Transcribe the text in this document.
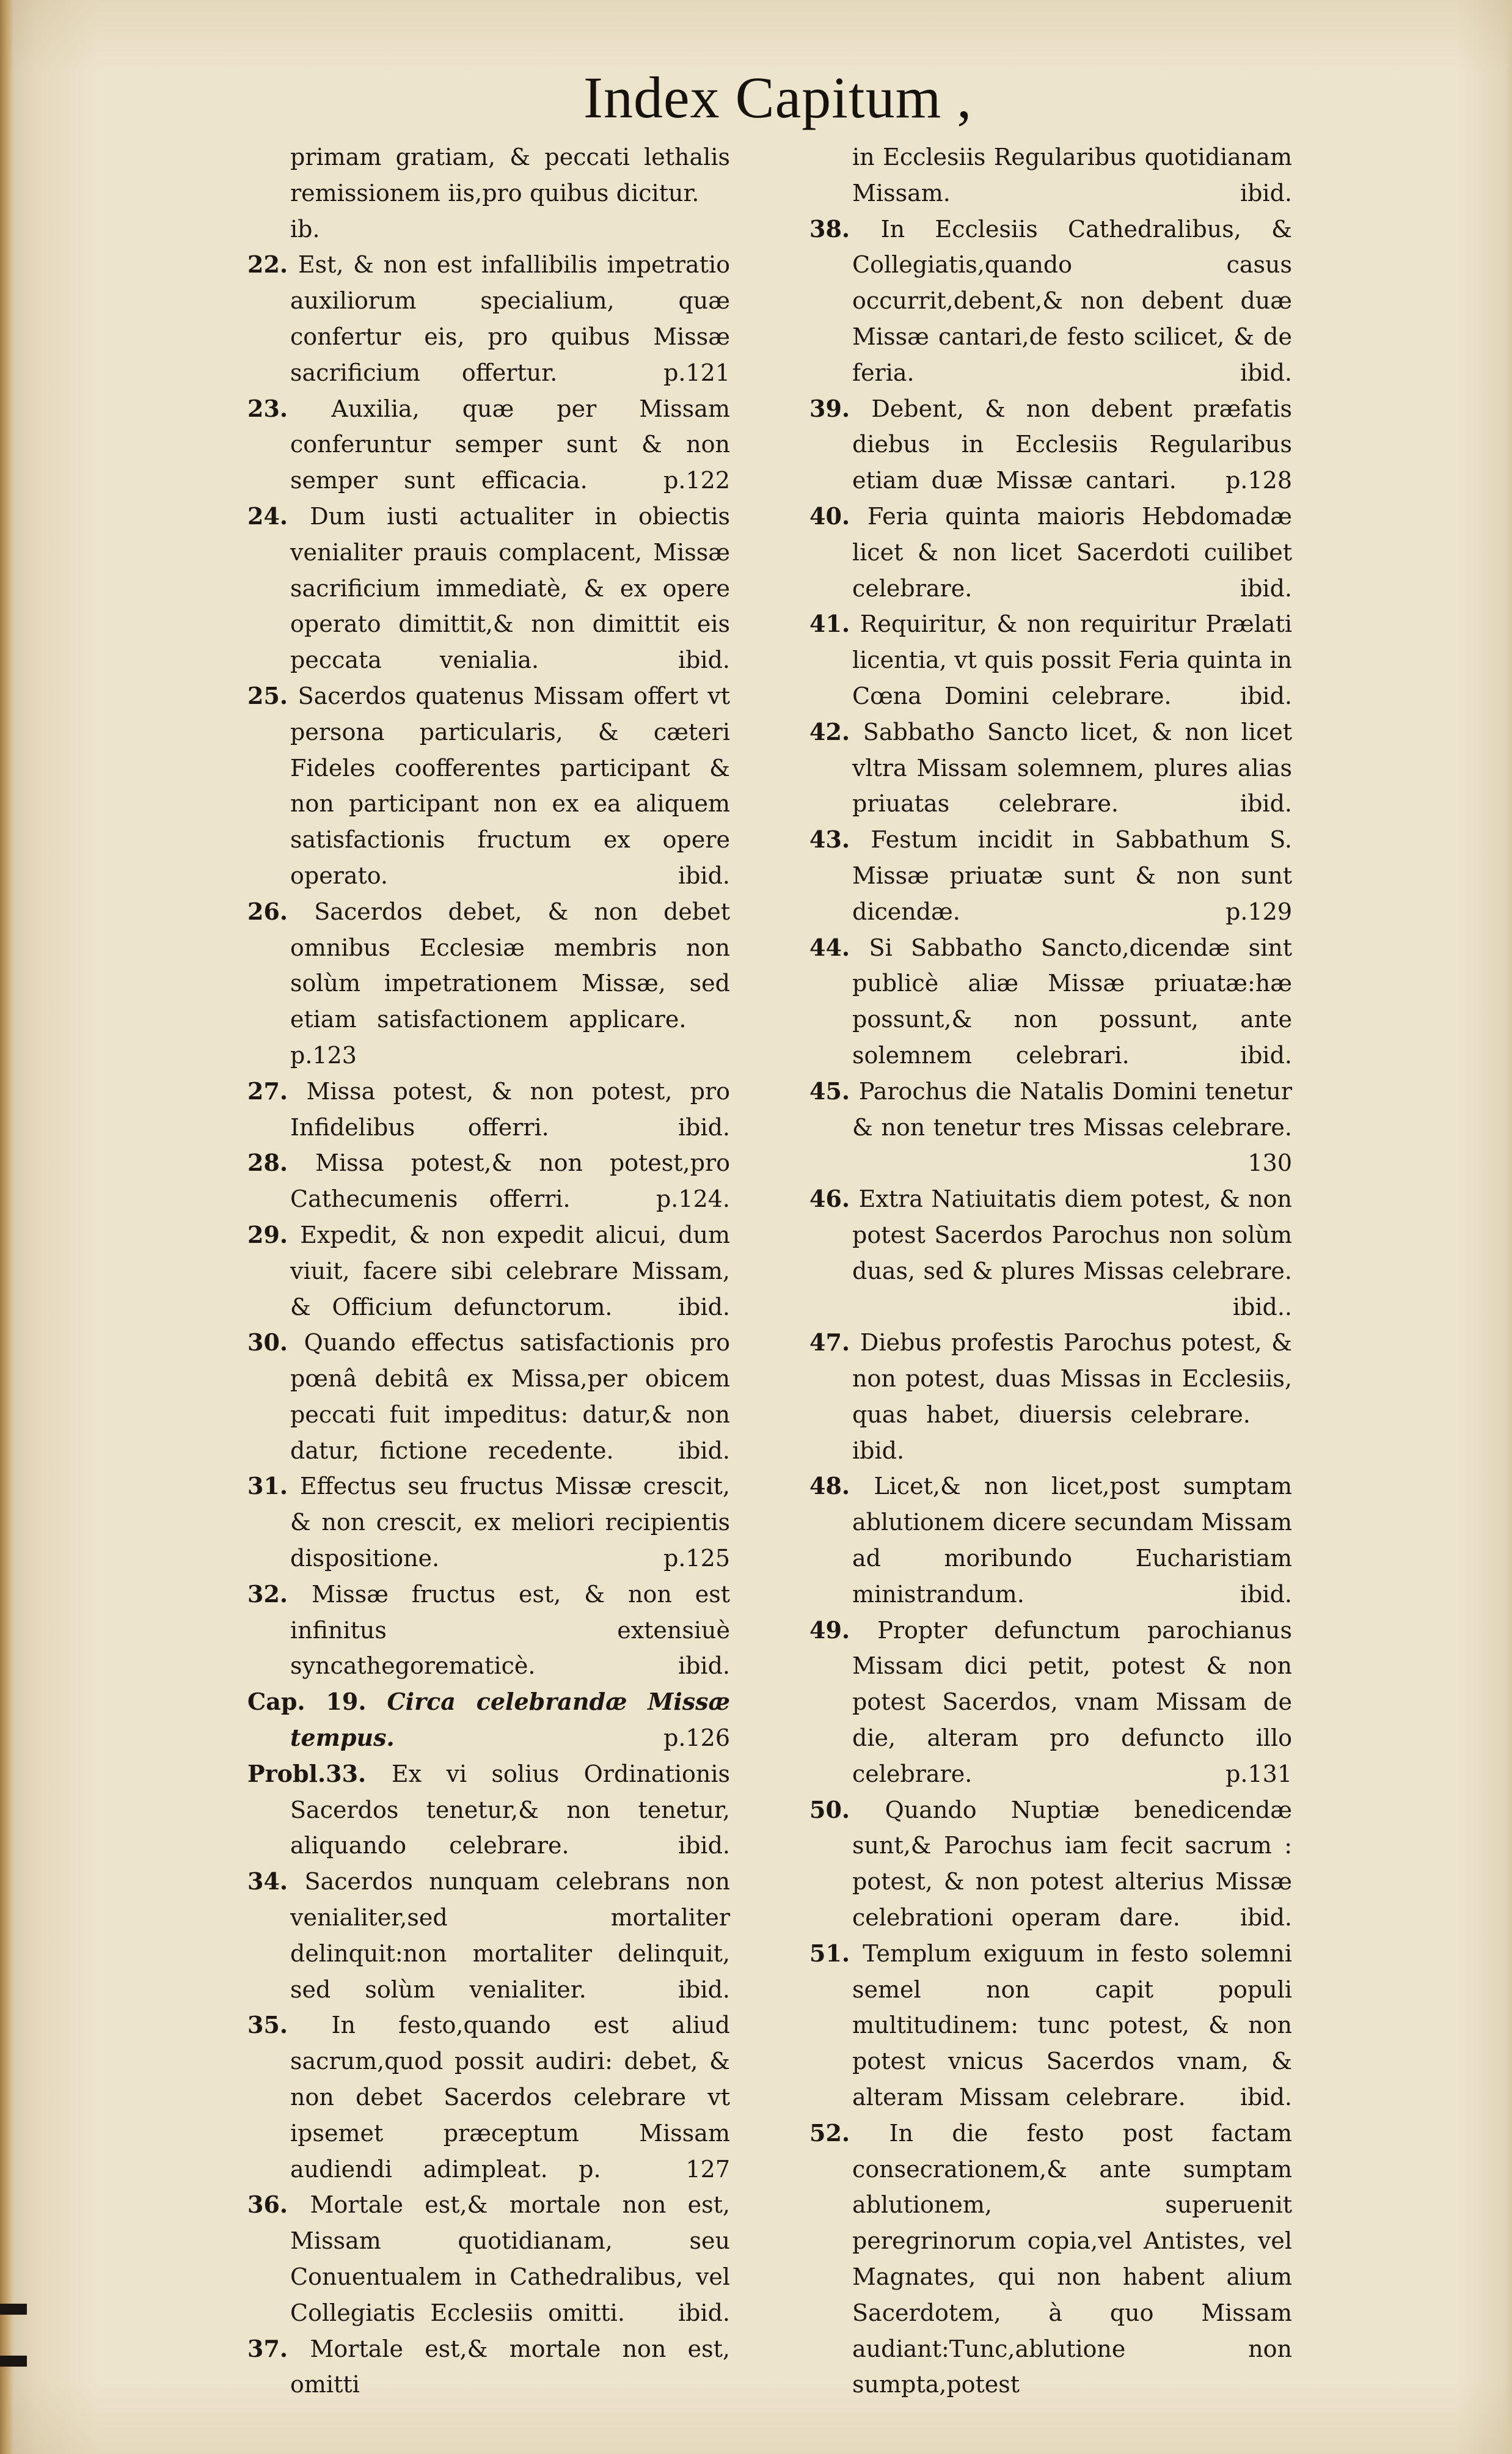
Index Capitum ,
primam gratiam, & peccati lethalis remissionem iis,pro quibus dicitur.   ib.
22. Est, & non est infallibilis impetratio auxiliorum specialium, quæ confertur eis, pro quibus Missæ sacrificium offertur.  	p.121
23. Auxilia, quæ per Missam conferuntur semper sunt & non semper sunt efficacia.  	p.122
24. Dum iusti actualiter in obiectis venialiter prauis complacent, Missæ sacrificium immediatè, & ex opere operato dimittit,& non dimittit eis peccata venialia.  	ibid.
25. Sacerdos quatenus Missam offert vt persona particularis, & cæteri Fideles coofferentes participant & non participant non ex ea aliquem satisfactionis fructum ex opere operato.  	ibid.
26. Sacerdos debet, & non debet omnibus Ecclesiæ membris non solùm impetrationem Missæ, sed etiam satisfactionem applicare.   p.123
27. Missa potest, & non potest, pro Infidelibus offerri.  	ibid.
28. Missa potest,& non potest,pro Cathecumenis offerri.  	p.124.
29. Expedit, & non expedit alicui, dum viuit, facere sibi celebrare Missam, & Officium defunctorum.  	ibid.
30. Quando effectus satisfactionis pro pœnâ debitâ ex Missa,per obicem peccati fuit impeditus: datur,& non datur, fictione recedente.  	ibid.
31. Effectus seu fructus Missæ crescit, & non crescit, ex meliori recipientis dispositione.  	p.125
32. Missæ fructus est, & non est infinitus extensiuè syncathegorematicè.  	ibid.
Cap. 19. Circa celebrandæ Missæ tempus.  	p.126
Probl.33. Ex vi solius Ordinationis Sacerdos tenetur,& non tenetur, aliquando celebrare.  	ibid.
34. Sacerdos nunquam celebrans non venialiter,sed mortaliter delinquit:non mortaliter delinquit, sed solùm venialiter.  	ibid.
35. In festo,quando est aliud sacrum,quod possit audiri: debet, & non debet Sacerdos celebrare vt ipsemet præceptum Missam audiendi adimpleat. p.  	127
36. Mortale est,& mortale non est, Missam quotidianam, seu Conuentualem in Cathedralibus, vel Collegiatis Ecclesiis omitti.   ibid.
37. Mortale est,& mortale non est, omitti
in Ecclesiis Regularibus quotidianam Missam.  	ibid.
38. In Ecclesiis Cathedralibus, & Collegiatis,quando casus occurrit,debent,& non debent duæ Missæ cantari,de festo scilicet, & de feria.  	ibid.
39. Debent, & non debent præfatis diebus in Ecclesiis Regularibus etiam duæ Missæ cantari.   p.128
40. Feria quinta maioris Hebdomadæ licet & non licet Sacerdoti cuilibet celebrare.  	ibid.
41. Requiritur, & non requiritur Prælati licentia, vt quis possit Feria quinta in Cœna Domini celebrare.  	ibid.
42. Sabbatho Sancto licet, & non licet vltra Missam solemnem, plures alias priuatas celebrare.  	ibid.
43. Festum incidit in Sabbathum S. Missæ priuatæ sunt & non sunt dicendæ.  	p.129
44. Si Sabbatho Sancto,dicendæ sint publicè aliæ Missæ priuatæ:hæ possunt,& non possunt, ante solemnem celebrari.  	ibid.
45. Parochus die Natalis Domini tenetur & non tenetur tres Missas celebrare.   130
46. Extra Natiuitatis diem potest, & non potest Sacerdos Parochus non solùm duas, sed & plures Missas celebrare.   ibid..
47. Diebus profestis Parochus potest, & non potest, duas Missas in Ecclesiis, quas habet, diuersis celebrare.   ibid.
48. Licet,& non licet,post sumptam ablutionem dicere secundam Missam ad moribundo Eucharistiam ministrandum.  	ibid.
49. Propter defunctum parochianus Missam dici petit, potest & non potest Sacerdos, vnam Missam de die, alteram pro defuncto illo celebrare.  	p.131
50. Quando Nuptiæ benedicendæ sunt,& Parochus iam fecit sacrum : potest, & non potest alterius Missæ celebrationi operam dare.  	ibid.
51. Templum exiguum in festo solemni semel non capit populi multitudinem: tunc potest, & non potest vnicus Sacerdos vnam, & alteram Missam celebrare.   ibid.
52. In die festo post factam consecrationem,& ante sumptam ablutionem, superuenit peregrinorum copia,vel Antistes, vel Magnates, qui non habent alium Sacerdotem, à quo Missam audiant:Tunc,ablutione non sumpta,potest
